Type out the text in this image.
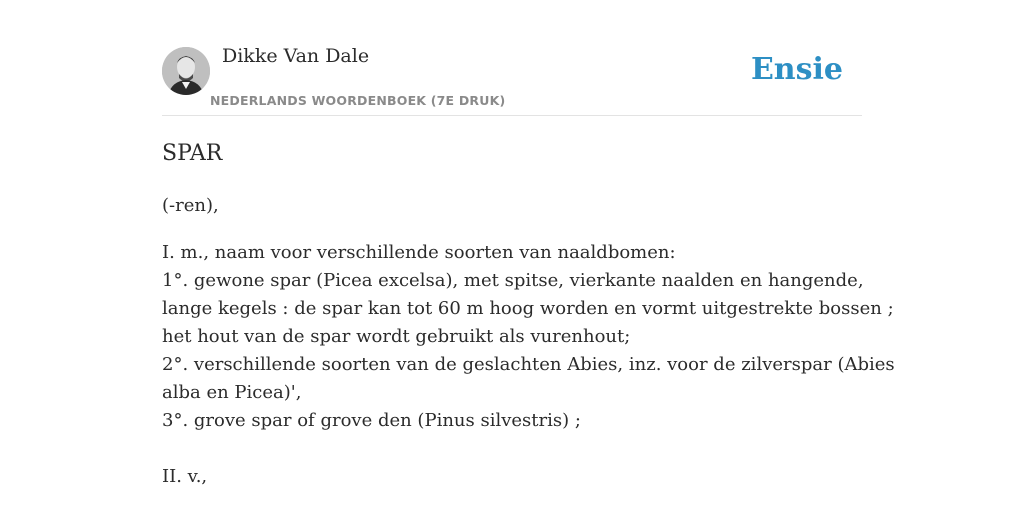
Dikke Van Dale
NEDERLANDS WOORDENBOEK (7E DRUK)
Ensie
SPAR
(-ren),
I. m., naam voor verschillende soorten van naaldbomen:
1°. gewone spar (Picea excelsa), met spitse, vierkante naalden en hangende,
lange kegels : de spar kan tot 60 m hoog worden en vormt uitgestrekte bossen ;
het hout van de spar wordt gebruikt als vurenhout;
2°. verschillende soorten van de geslachten Abies, inz. voor de zilverspar (Abies
alba en Picea)',
3°. grove spar of grove den (Pinus silvestris) ;
II. v.,
